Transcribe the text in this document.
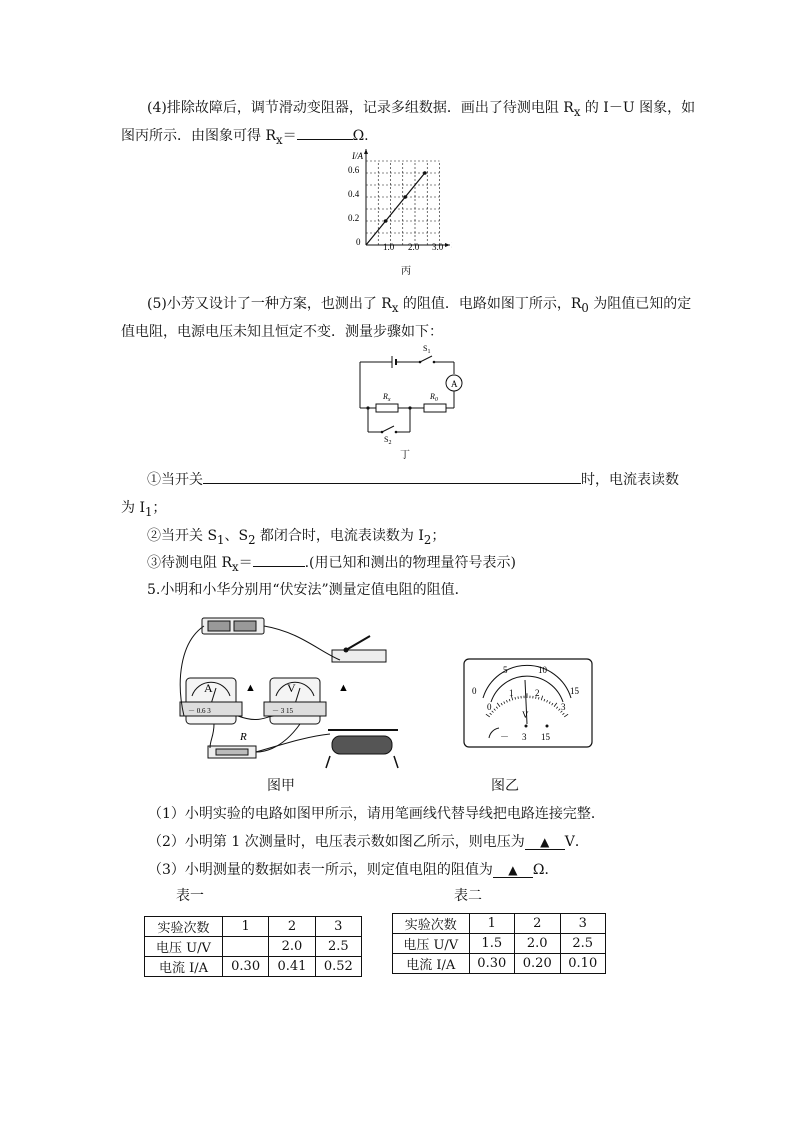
(4)排除故障后，调节滑动变阻器，记录多组数据．画出了待测电阻 $R_x$ 的 I－U 图象，如
图丙所示．由图象可得 $R_x=$	Ω.
I/A
0
0.2
0.4
0.6
1.0 2.0 3.0
丙
(5)小芳又设计了一种方案，也测出了 $R_x$ 的阻值．电路如图丁所示，$R_0$ 为阻值已知的定
值电阻，电源电压未知且恒定不变．测量步骤如下：
A
$S_1$
$R_x$	$R_0$
$S_2$
丁
①当开关	时，电流表读数
为 $I_1$；
②当开关 $S_1$、$S_2$ 都闭合时，电流表读数为 $I_2$；
③待测电阻 $R_x=$	.(用已知和测出的物理量符号表示)
5.小明和小华分别用“伏安法”测量定值电阻的阻值．
A
－ 0.6 3
V
－ 3 15
▲	▲
R
图甲
0
5	10
15
0
1 2
3
V
－ 3 15
图乙
（1）小明实验的电路如图甲所示，请用笔画线代替导线把电路连接完整．
（2）小明第 1 次测量时，电压表示数如图乙所示，则电压为 ▲ V．
（3）小明测量的数据如表一所示，则定值电阻的阻值为 ▲ Ω．
表一	表二
实验次数	1	2	3
电压 U/V		2.0	2.5
电流 I/A	0.30	0.41	0.52
实验次数	1	2	3
电压 U/V	1.5	2.0	2.5
电流 I/A	0.30	0.20	0.10
